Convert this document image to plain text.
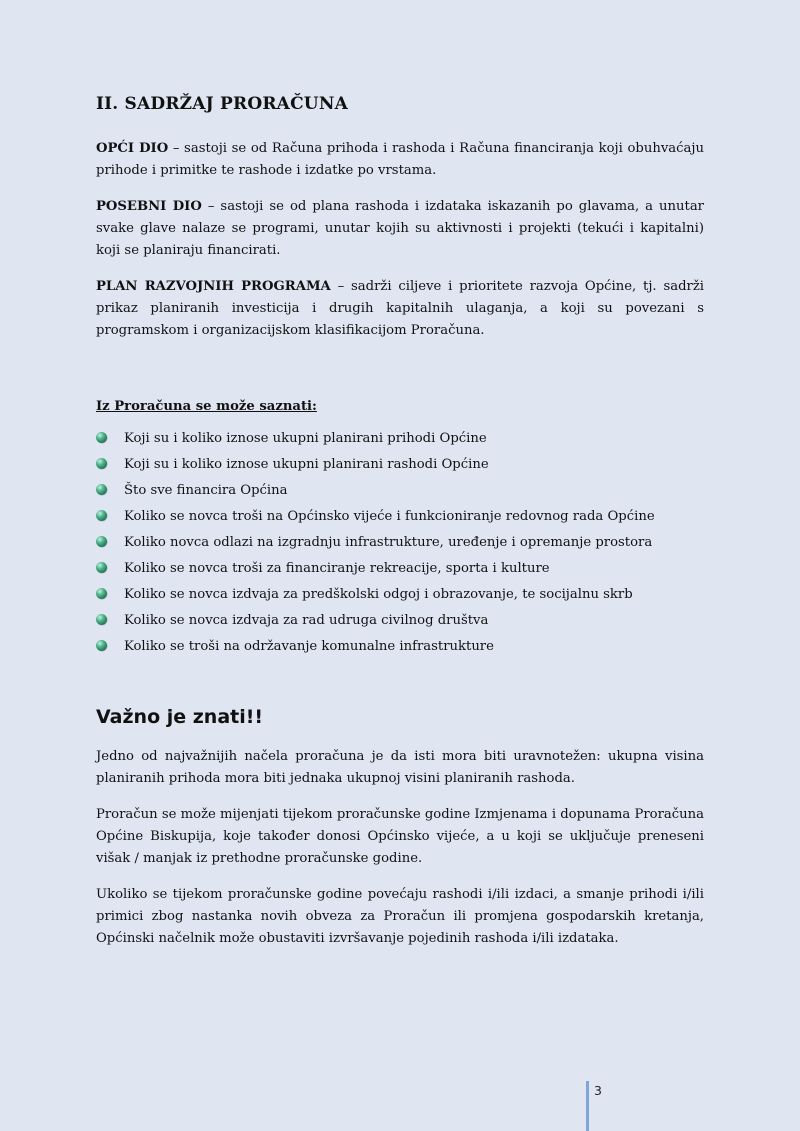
II. SADRŽAJ PRORAČUNA

OPĆI DIO – sastoji se od Računa prihoda i rashoda i Računa financiranja koji obuhvaćaju prihode i primitke te rashode i izdatke po vrstama.

POSEBNI DIO – sastoji se od plana rashoda i izdataka iskazanih po glavama, a unutar svake glave nalaze se programi, unutar kojih su aktivnosti i projekti (tekući i kapitalni) koji se planiraju financirati.

PLAN RAZVOJNIH PROGRAMA – sadrži ciljeve i prioritete razvoja Općine, tj. sadrži prikaz planiranih investicija i drugih kapitalnih ulaganja, a koji su povezani s programskom i organizacijskom klasifikacijom Proračuna.

Iz Proračuna se može saznati:
Koji su i koliko iznose ukupni planirani prihodi Općine
Koji su i koliko iznose ukupni planirani rashodi Općine
Što sve financira Općina
Koliko se novca troši na Općinsko vijeće i funkcioniranje redovnog rada Općine
Koliko novca odlazi na izgradnju infrastrukture, uređenje i opremanje prostora
Koliko se novca troši za financiranje rekreacije, sporta i kulture
Koliko se novca izdvaja za predškolski odgoj i obrazovanje, te socijalnu skrb
Koliko se novca izdvaja za rad udruga civilnog društva
Koliko se troši na održavanje komunalne infrastrukture
Važno je znati!!

Jedno od najvažnijih načela proračuna je da isti mora biti uravnotežen: ukupna visina planiranih prihoda mora biti jednaka ukupnoj visini planiranih rashoda.

Proračun se može mijenjati tijekom proračunske godine Izmjenama i dopunama Proračuna Općine Biskupija, koje također donosi Općinsko vijeće, a u koji se uključuje preneseni višak / manjak iz prethodne proračunske godine.

Ukoliko se tijekom proračunske godine povećaju rashodi i/ili izdaci, a smanje prihodi i/ili primici zbog nastanka novih obveza za Proračun ili promjena gospodarskih kretanja, Općinski načelnik može obustaviti izvršavanje pojedinih rashoda i/ili izdataka.

3
